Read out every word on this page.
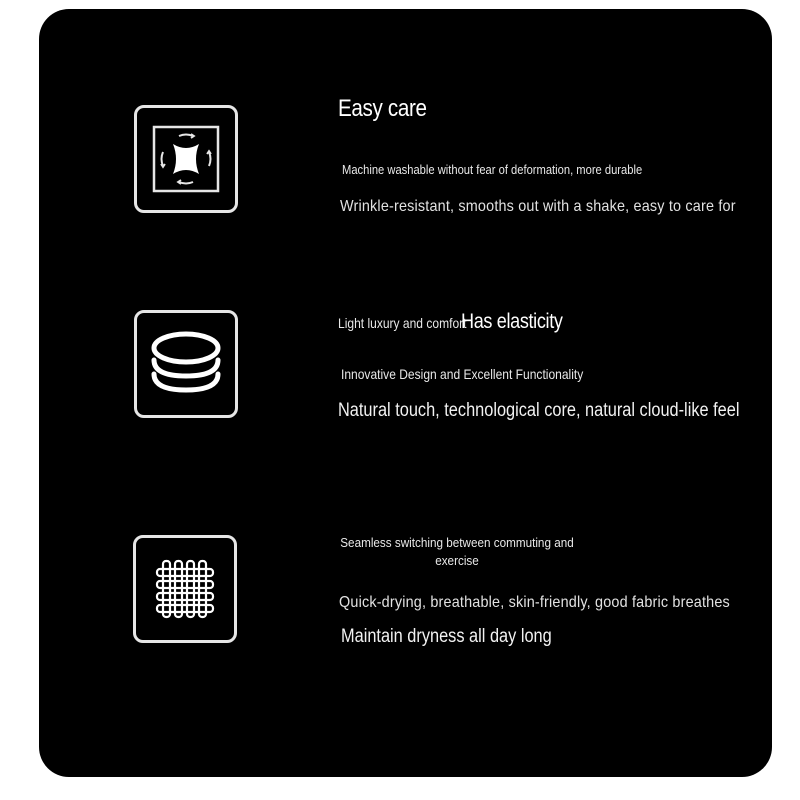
Easy care

Machine washable without fear of deformation, more durable

Wrinkle-resistant, smooths out with a shake, easy to care for

Light luxury and comfort

Has elasticity

Innovative Design and Excellent Functionality

Natural touch, technological core, natural cloud-like feel

Seamless switching between commuting and exercise

Quick-drying, breathable, skin-friendly, good fabric breathes

Maintain dryness all day long
